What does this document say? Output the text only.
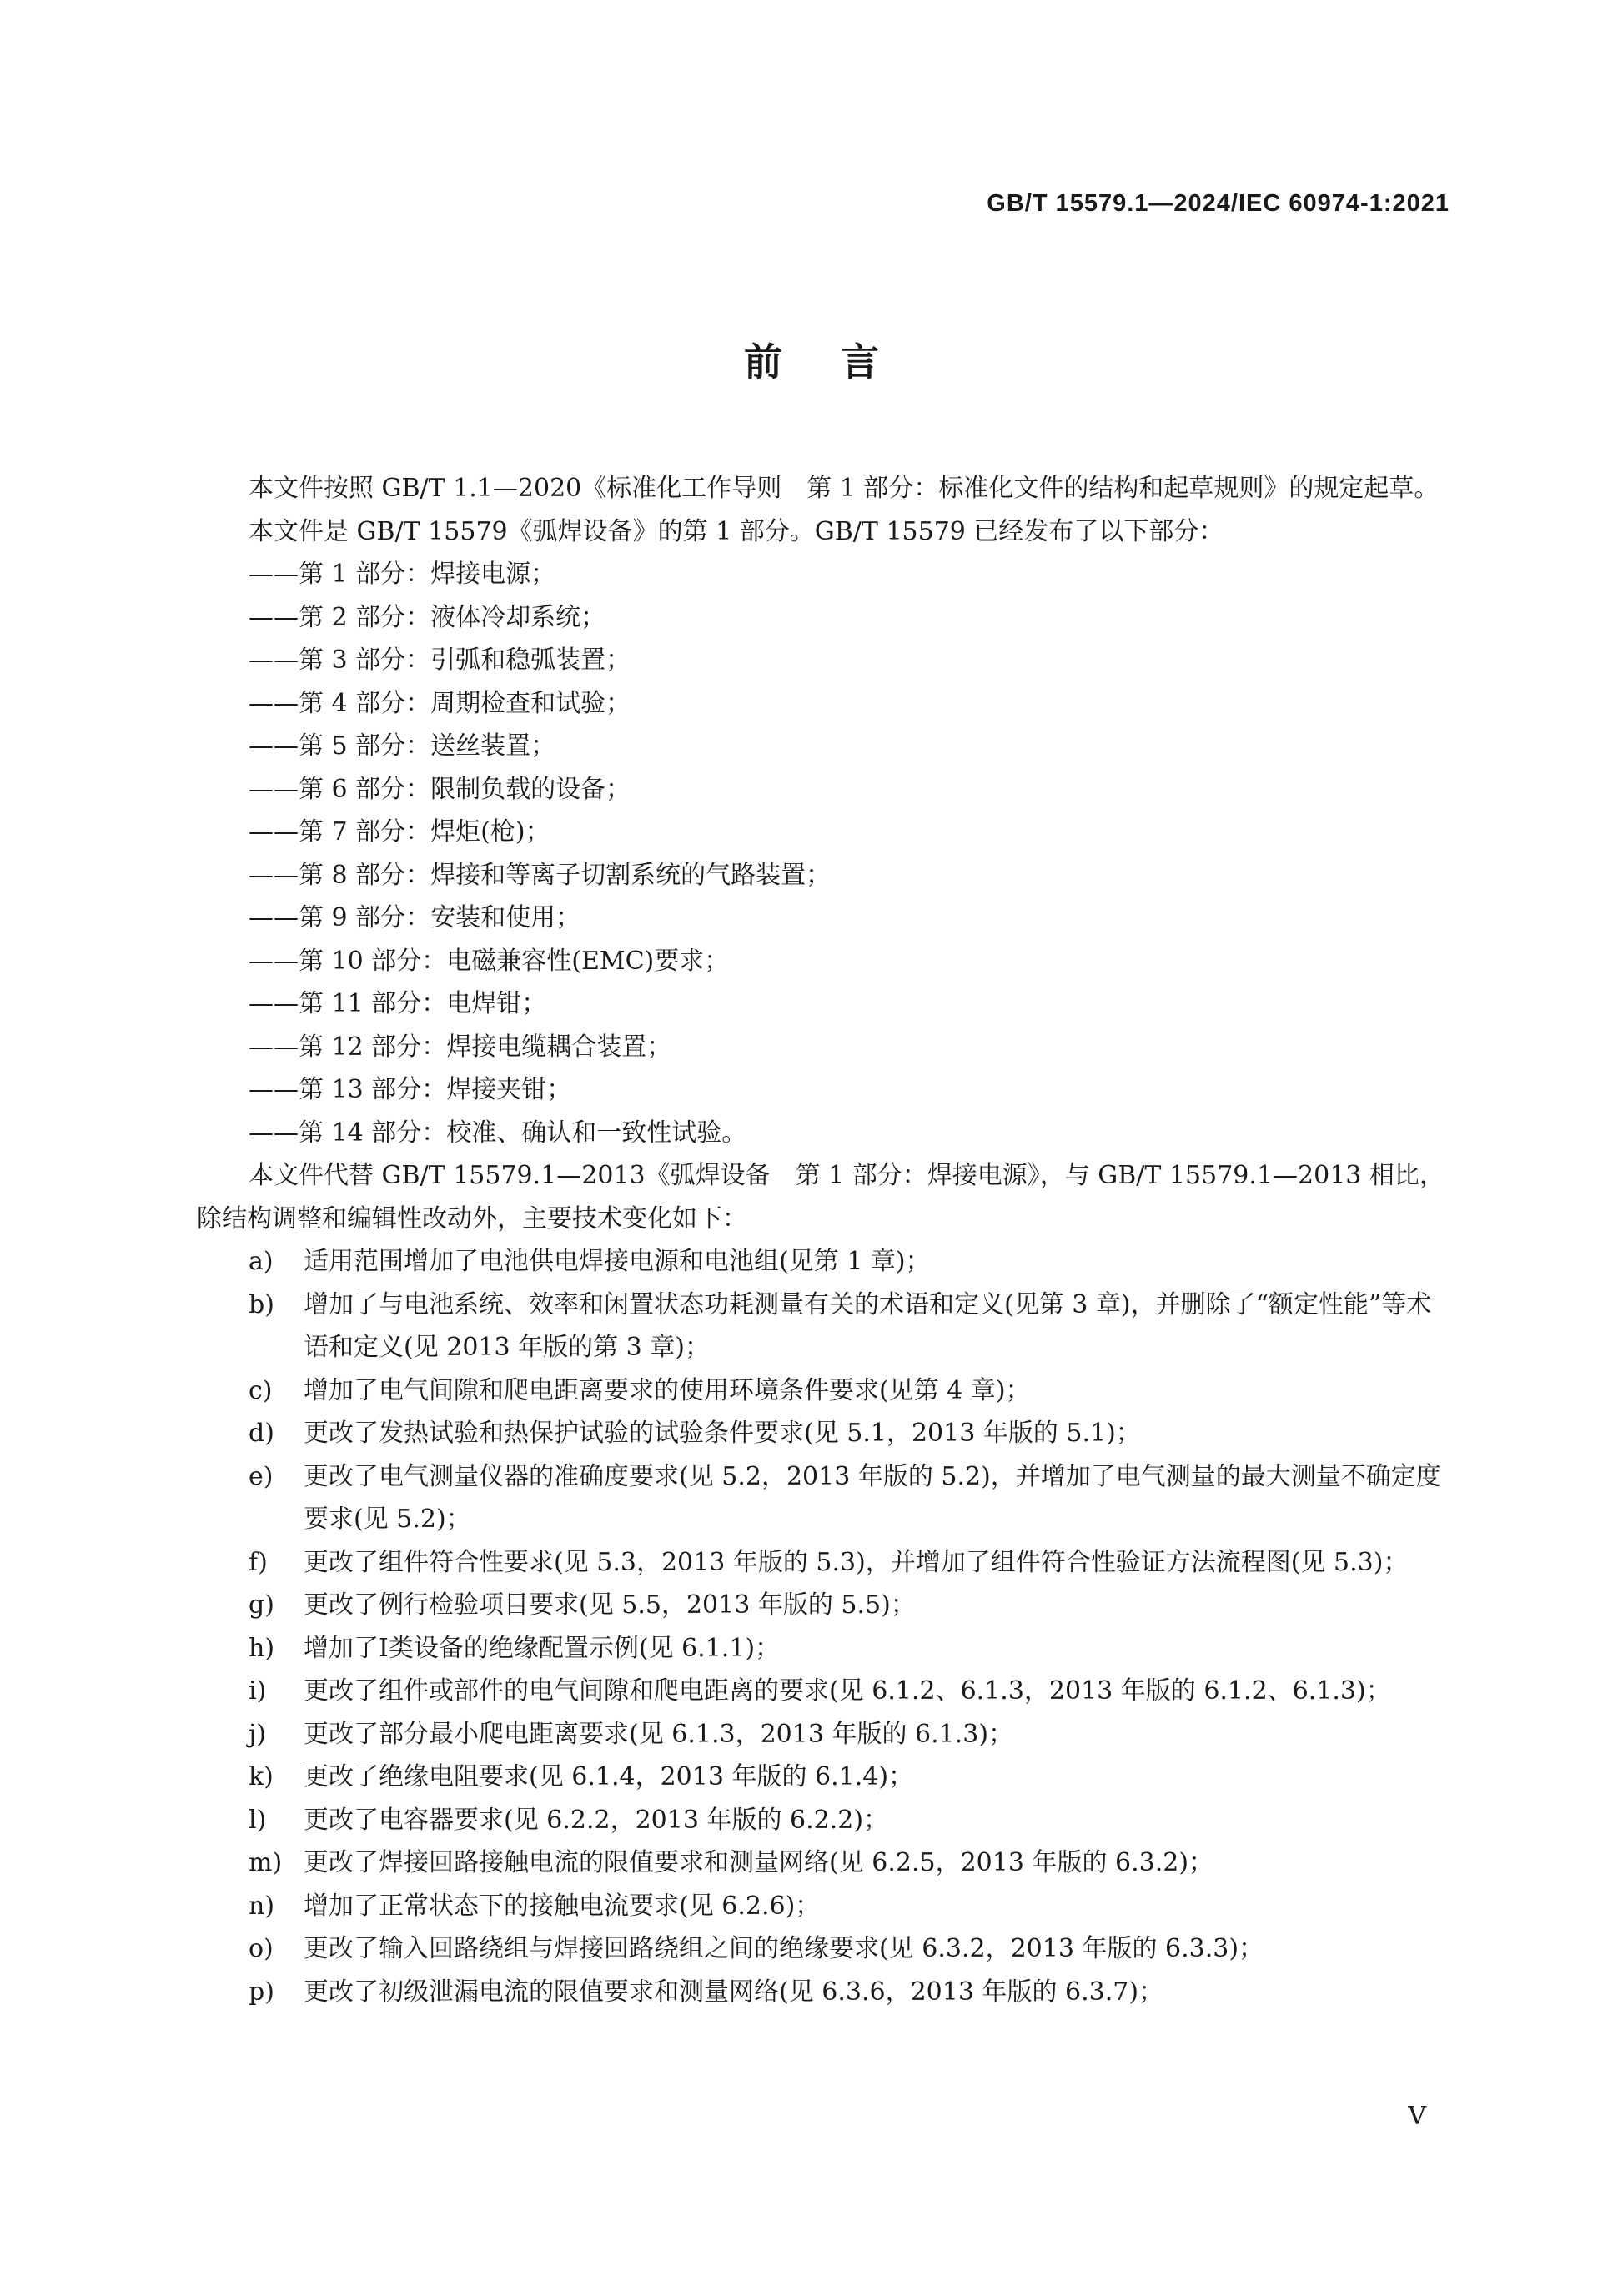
GB/T 15579.1—2024/IEC 60974-1:2021
前言

本文件按照 GB/T 1.1—2020《标准化工作导则　第 1 部分：标准化文件的结构和起草规则》的规定起草。

本文件是 GB/T 15579《弧焊设备》的第 1 部分。GB/T 15579 已经发布了以下部分：

——第 1 部分：焊接电源；

——第 2 部分：液体冷却系统；

——第 3 部分：引弧和稳弧装置；

——第 4 部分：周期检查和试验；

——第 5 部分：送丝装置；

——第 6 部分：限制负载的设备；

——第 7 部分：焊炬(枪)；

——第 8 部分：焊接和等离子切割系统的气路装置；

——第 9 部分：安装和使用；

——第 10 部分：电磁兼容性(EMC)要求；

——第 11 部分：电焊钳；

——第 12 部分：焊接电缆耦合装置；

——第 13 部分：焊接夹钳；

——第 14 部分：校准、确认和一致性试验。

本文件代替 GB/T 15579.1—2013《弧焊设备　第 1 部分：焊接电源》，与 GB/T 15579.1—2013 相比，除结构调整和编辑性改动外，主要技术变化如下：

a)	适用范围增加了电池供电焊接电源和电池组(见第 1 章)；
b)	增加了与电池系统、效率和闲置状态功耗测量有关的术语和定义(见第 3 章)，并删除了“额定性能”等术语和定义(见 2013 年版的第 3 章)；
c)	增加了电气间隙和爬电距离要求的使用环境条件要求(见第 4 章)；
d)	更改了发热试验和热保护试验的试验条件要求(见 5.1，2013 年版的 5.1)；
e)	更改了电气测量仪器的准确度要求(见 5.2，2013 年版的 5.2)，并增加了电气测量的最大测量不确定度要求(见 5.2)；
f)	更改了组件符合性要求(见 5.3，2013 年版的 5.3)，并增加了组件符合性验证方法流程图(见 5.3)；
g)	更改了例行检验项目要求(见 5.5，2013 年版的 5.5)；
h)	增加了Ⅰ类设备的绝缘配置示例(见 6.1.1)；
i)	更改了组件或部件的电气间隙和爬电距离的要求(见 6.1.2、6.1.3，2013 年版的 6.1.2、6.1.3)；
j)	更改了部分最小爬电距离要求(见 6.1.3，2013 年版的 6.1.3)；
k)	更改了绝缘电阻要求(见 6.1.4，2013 年版的 6.1.4)；
l)	更改了电容器要求(见 6.2.2，2013 年版的 6.2.2)；
m) 更改了焊接回路接触电流的限值要求和测量网络(见 6.2.5，2013 年版的 6.3.2)；
n)	增加了正常状态下的接触电流要求(见 6.2.6)；
o)	更改了输入回路绕组与焊接回路绕组之间的绝缘要求(见 6.3.2，2013 年版的 6.3.3)；
p)	更改了初级泄漏电流的限值要求和测量网络(见 6.3.6，2013 年版的 6.3.7)；
Ⅴ
